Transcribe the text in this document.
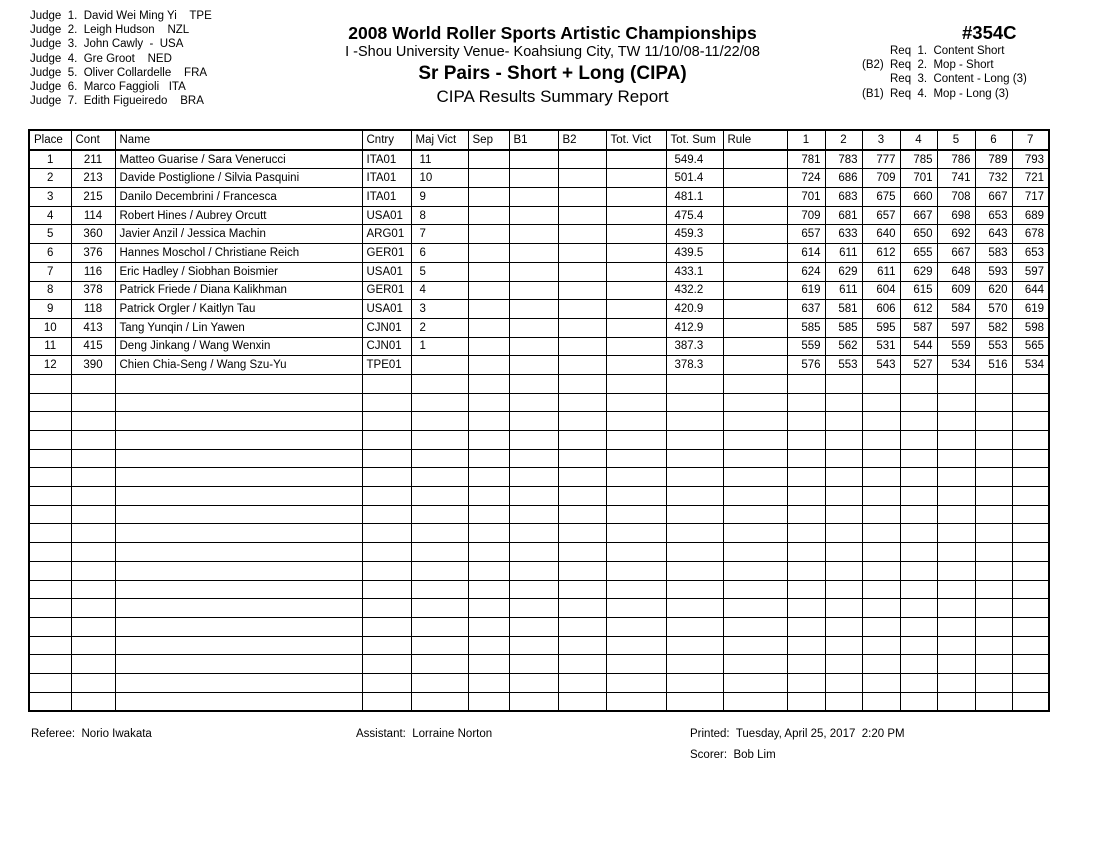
Judge  1.  David Wei Ming Yi    TPE
Judge  2.  Leigh Hudson    NZL
Judge  3.  John Cawly  -  USA
Judge  4.  Gre Groot    NED
Judge  5.  Oliver Collardelle    FRA
Judge  6.  Marco Faggioli   ITA
Judge  7.  Edith Figueiredo    BRA
2008 World Roller Sports Artistic Championships
I -Shou University Venue- Koahsiung City, TW 11/10/08-11/22/08
Sr Pairs - Short + Long (CIPA)
CIPA Results Summary Report
#354C
Req  1.  Content Short
(B2) Req  2.  Mop - Short
Req  3.  Content - Long (3)
(B1) Req  4.  Mop - Long (3)
Place	Cont	Name	Cntry	Maj Vict	Sep	B1	B2	Tot. Vict	Tot. Sum	Rule	1	2	3	4	5	6	7
1	211	Matteo Guarise / Sara Venerucci	ITA01	11					549.4		781	783	777	785	786	789	793
2	213	Davide Postiglione / Silvia Pasquini	ITA01	10					501.4		724	686	709	701	741	732	721
3	215	Danilo Decembrini / Francesca	ITA01	9					481.1		701	683	675	660	708	667	717
4	114	Robert Hines / Aubrey Orcutt	USA01	8					475.4		709	681	657	667	698	653	689
5	360	Javier Anzil / Jessica Machin	ARG01	7					459.3		657	633	640	650	692	643	678
6	376	Hannes Moschol / Christiane Reich	GER01	6					439.5		614	611	612	655	667	583	653
7	116	Eric Hadley / Siobhan Boismier	USA01	5					433.1		624	629	611	629	648	593	597
8	378	Patrick Friede / Diana Kalikhman	GER01	4					432.2		619	611	604	615	609	620	644
9	118	Patrick Orgler / Kaitlyn Tau	USA01	3					420.9		637	581	606	612	584	570	619
10	413	Tang Yunqin / Lin Yawen	CJN01	2					412.9		585	585	595	587	597	582	598
11	415	Deng Jinkang / Wang Wenxin	CJN01	1					387.3		559	562	531	544	559	553	565
12	390	Chien Chia-Seng / Wang Szu-Yu	TPE01						378.3		576	553	543	527	534	516	534

Referee:  Norio Iwakata	Assistant:  Lorraine Norton	Printed:  Tuesday, April 25, 2017  2:20 PM
Scorer:  Bob Lim
